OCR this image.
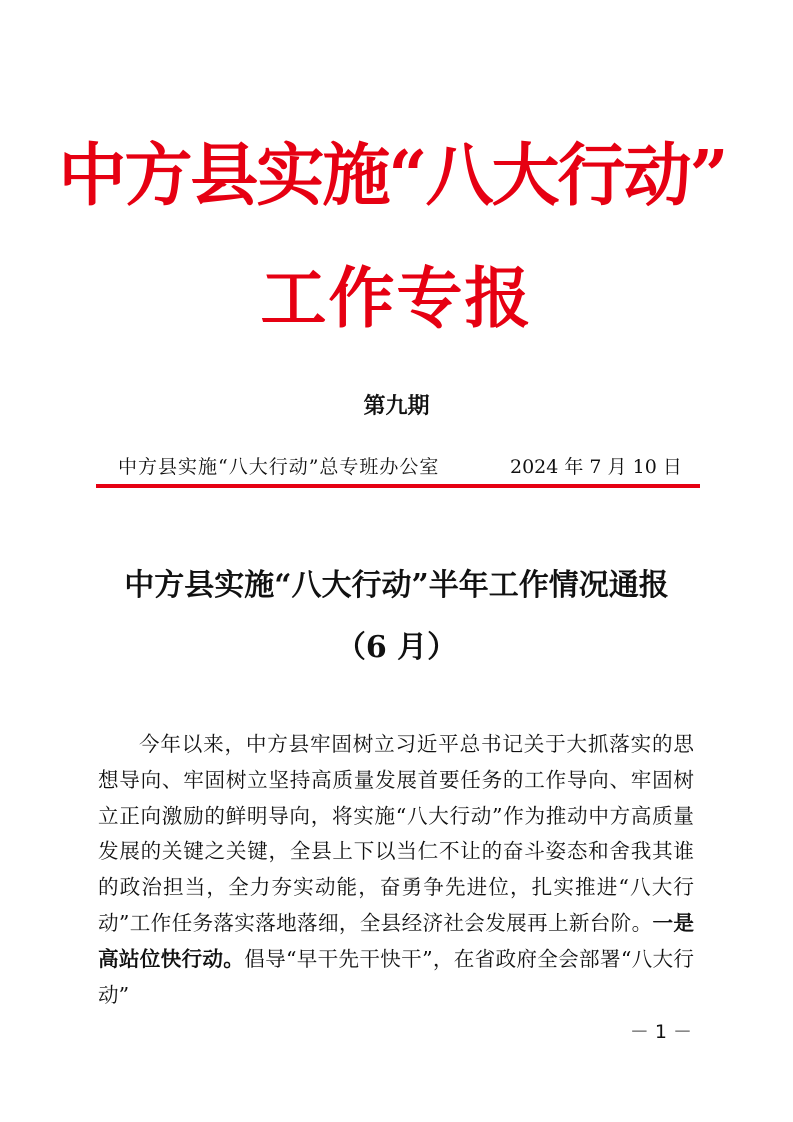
中方县实施“八大行动”
工作专报
第九期
中方县实施“八大行动”总专班办公室	2024 年 7 月 10 日
中方县实施“八大行动”半年工作情况通报
（6 月）

今年以来，中方县牢固树立习近平总书记关于大抓落实的思想导向、牢固树立坚持高质量发展首要任务的工作导向、牢固树立正向激励的鲜明导向，将实施“八大行动”作为推动中方高质量发展的关键之关键，全县上下以当仁不让的奋斗姿态和舍我其谁的政治担当，全力夯实动能，奋勇争先进位，扎实推进“八大行动”工作任务落实落地落细，全县经济社会发展再上新台阶。一是高站位快行动。倡导“早干先干快干”，在省政府全会部署“八大行动”

－ 1 －
